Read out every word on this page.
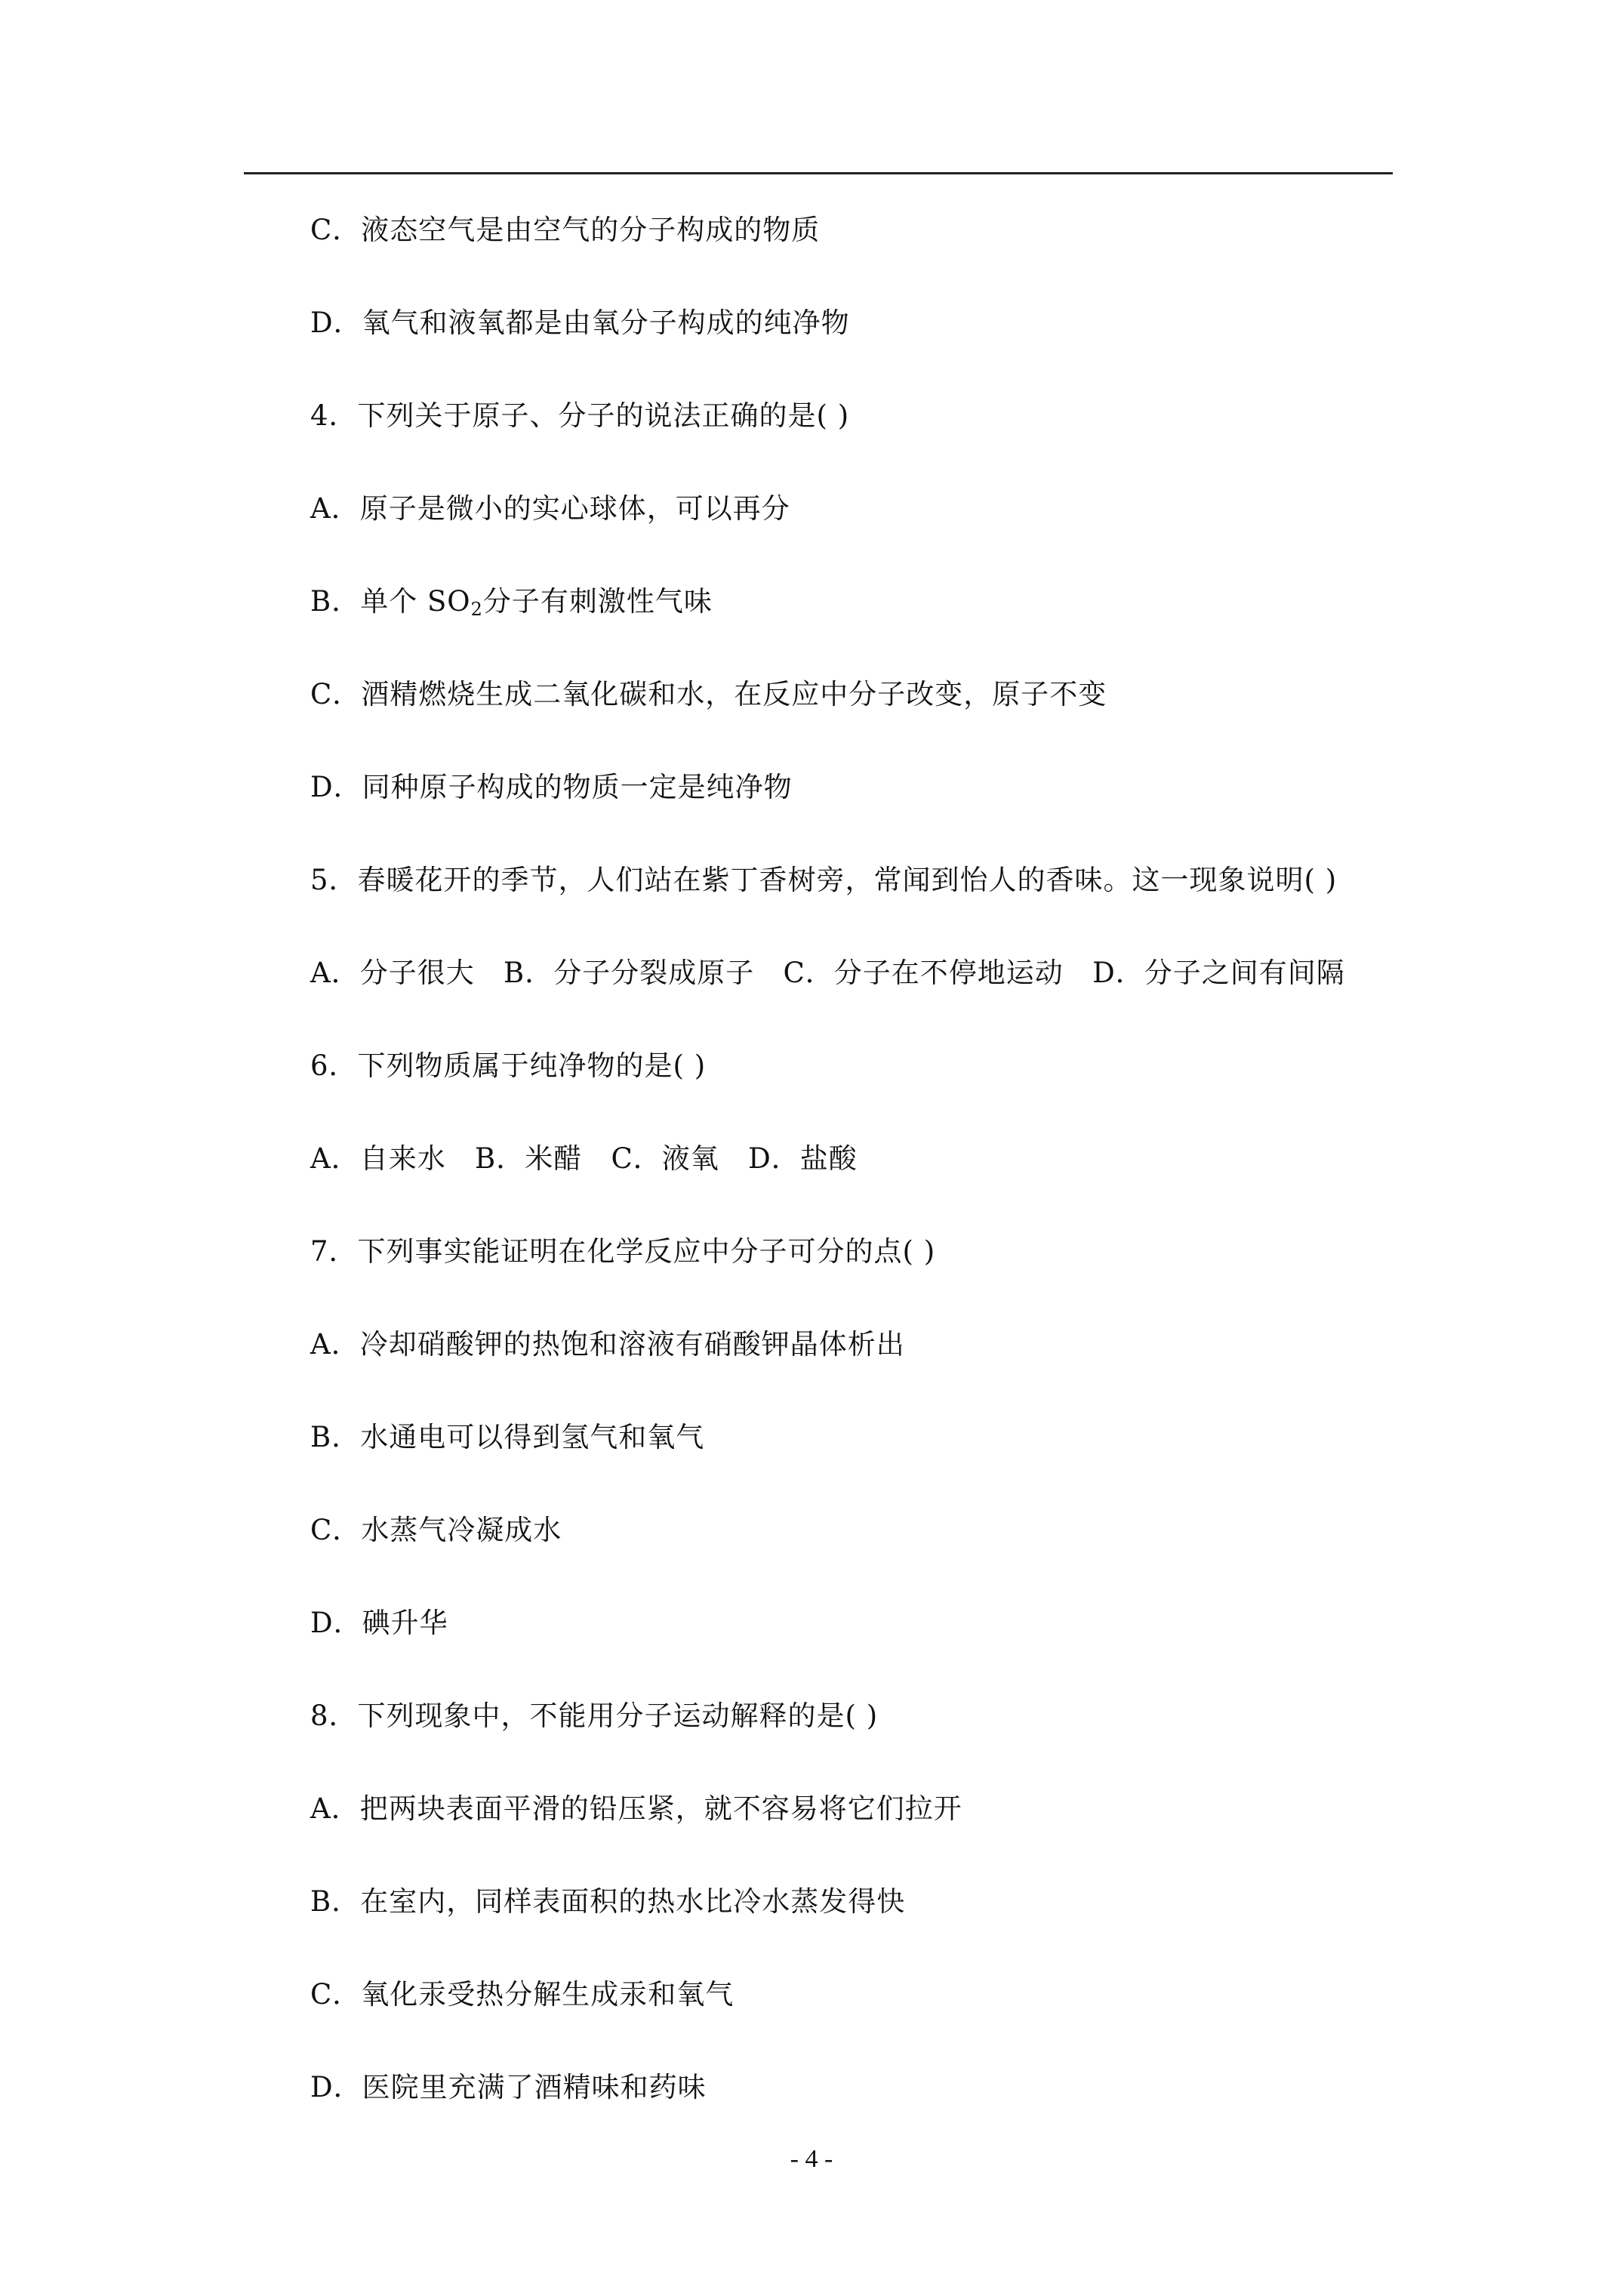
C．液态空气是由空气的分子构成的物质
D．氧气和液氧都是由氧分子构成的纯净物
4．下列关于原子、分子的说法正确的是( )
A．原子是微小的实心球体，可以再分
B．单个 $SO_2$分子有刺激性气味
C．酒精燃烧生成二氧化碳和水，在反应中分子改变，原子不变
D．同种原子构成的物质一定是纯净物
5．春暖花开的季节，人们站在紫丁香树旁，常闻到怡人的香味。这一现象说明( )
A．分子很大   B．分子分裂成原子   C．分子在不停地运动   D．分子之间有间隔
6．下列物质属于纯净物的是( )
A．自来水   B．米醋   C．液氧   D．盐酸
7．下列事实能证明在化学反应中分子可分的点( )
A．冷却硝酸钾的热饱和溶液有硝酸钾晶体析出
B．水通电可以得到氢气和氧气
C．水蒸气冷凝成水
D．碘升华
8．下列现象中，不能用分子运动解释的是( )
A．把两块表面平滑的铅压紧，就不容易将它们拉开
B．在室内，同样表面积的热水比冷水蒸发得快
C．氧化汞受热分解生成汞和氧气
D．医院里充满了酒精味和药味
- 4 -
